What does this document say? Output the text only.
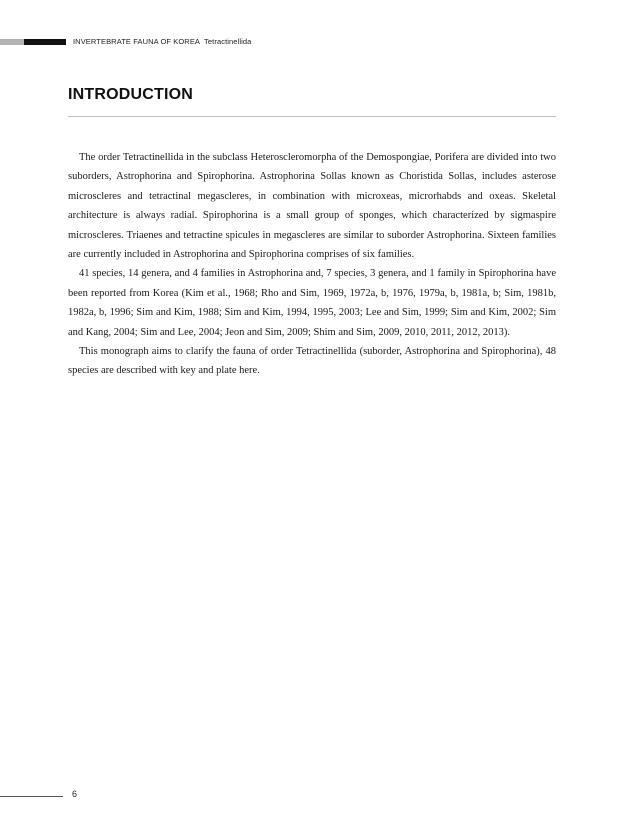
INVERTEBRATE FAUNA OF KOREA Tetractinellida
INTRODUCTION

The order Tetractinellida in the subclass Heteroscleromorpha of the Demospongiae, Porifera are divided into two suborders, Astrophorina and Spirophorina. Astrophorina Sollas known as Choristida Sollas, includes asterose microscleres and tetractinal megascleres, in combination with microxeas, microrhabds and oxeas. Skeletal architecture is always radial. Spirophorina is a small group of sponges, which characterized by sigmaspire microscleres. Triaenes and tetractine spicules in megascleres are similar to suborder Astrophorina. Sixteen families are currently included in Astrophorina and Spirophorina comprises of six families.

41 species, 14 genera, and 4 families in Astrophorina and, 7 species, 3 genera, and 1 family in Spirophorina have been reported from Korea (Kim et al., 1968; Rho and Sim, 1969, 1972a, b, 1976, 1979a, b, 1981a, b; Sim, 1981b, 1982a, b, 1996; Sim and Kim, 1988; Sim and Kim, 1994, 1995, 2003; Lee and Sim, 1999; Sim and Kim, 2002; Sim and Kang, 2004; Sim and Lee, 2004; Jeon and Sim, 2009; Shim and Sim, 2009, 2010, 2011, 2012, 2013).

This monograph aims to clarify the fauna of order Tetractinellida (suborder, Astrophorina and Spirophorina), 48 species are described with key and plate here.

6
